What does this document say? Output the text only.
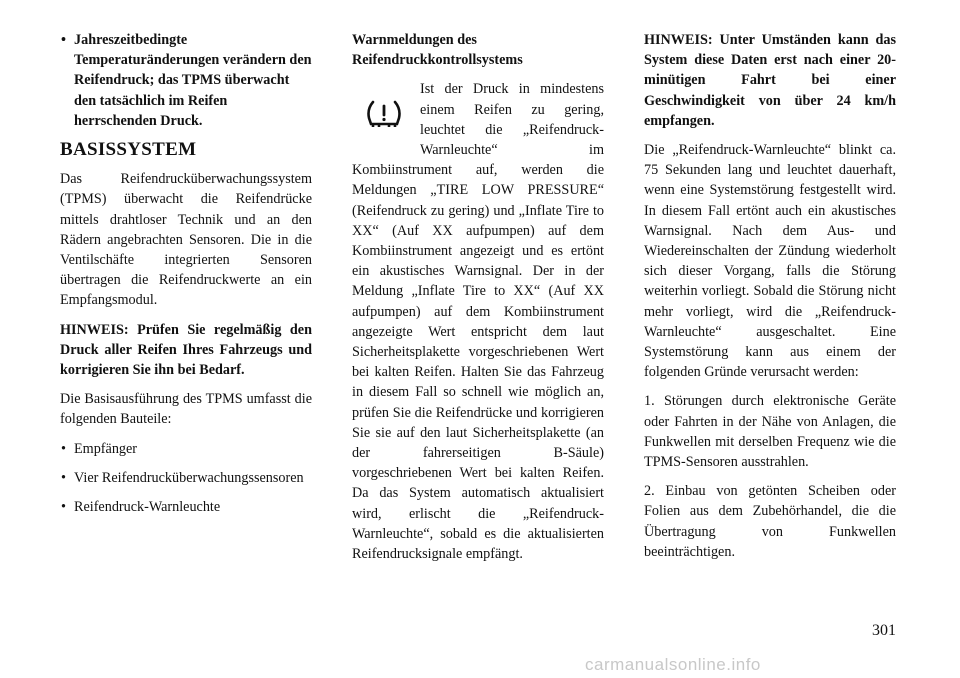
• Jahreszeitbedingte Temperaturänderungen verändern den Reifendruck; das TPMS überwacht den tatsächlich im Reifen herrschenden Druck.
BASISSYSTEM

Das Reifendrucküberwachungssystem (TPMS) überwacht die Reifendrücke mittels drahtloser Technik und an den Rädern angebrachten Sensoren. Die in die Ventilschäfte integrierten Sensoren übertragen die Reifendruckwerte an ein Empfangsmodul.

HINWEIS: Prüfen Sie regelmäßig den Druck aller Reifen Ihres Fahrzeugs und korrigieren Sie ihn bei Bedarf.

Die Basisausführung des TPMS umfasst die folgenden Bauteile:

• Empfänger
• Vier Reifendrucküberwachungssensoren
• Reifendruck-Warnleuchte
Warnmeldungen des Reifendruckkontrollsystems

Ist der Druck in mindestens einem Reifen zu gering, leuchtet die „Reifendruck-Warnleuchte“ im Kombiinstrument auf, werden die Meldungen „TIRE LOW PRESSURE“ (Reifendruck zu gering) und „Inflate Tire to XX“ (Auf XX aufpumpen) auf dem Kombiinstrument angezeigt und es ertönt ein akustisches Warnsignal. Der in der Meldung „Inflate Tire to XX“ (Auf XX aufpumpen) auf dem Kombiinstrument angezeigte Wert entspricht dem laut Sicherheitsplakette vorgeschriebenen Wert bei kalten Reifen. Halten Sie das Fahrzeug in diesem Fall so schnell wie möglich an, prüfen Sie die Reifendrücke und korrigieren Sie sie auf den laut Sicherheitsplakette (an der fahrerseitigen B-Säule) vorgeschriebenen Wert bei kalten Reifen. Da das System automatisch aktualisiert wird, erlischt die „Reifendruck-Warnleuchte“, sobald es die aktualisierten Reifendrucksignale empfängt.

HINWEIS: Unter Umständen kann das System diese Daten erst nach einer 20-minütigen Fahrt bei einer Geschwindigkeit von über 24 km/h empfangen.

Die „Reifendruck-Warnleuchte“ blinkt ca. 75 Sekunden lang und leuchtet dauerhaft, wenn eine Systemstörung festgestellt wird. In diesem Fall ertönt auch ein akustisches Warnsignal. Nach dem Aus- und Wiedereinschalten der Zündung wiederholt sich dieser Vorgang, falls die Störung weiterhin vorliegt. Sobald die Störung nicht mehr vorliegt, wird die „Reifendruck-Warnleuchte“ ausgeschaltet. Eine Systemstörung kann aus einem der folgenden Gründe verursacht werden:

1. Störungen durch elektronische Geräte oder Fahrten in der Nähe von Anlagen, die Funkwellen mit derselben Frequenz wie die TPMS-Sensoren ausstrahlen.

2. Einbau von getönten Scheiben oder Folien aus dem Zubehörhandel, die die Übertragung von Funkwellen beeinträchtigen.

301
carmanualsonline.info
